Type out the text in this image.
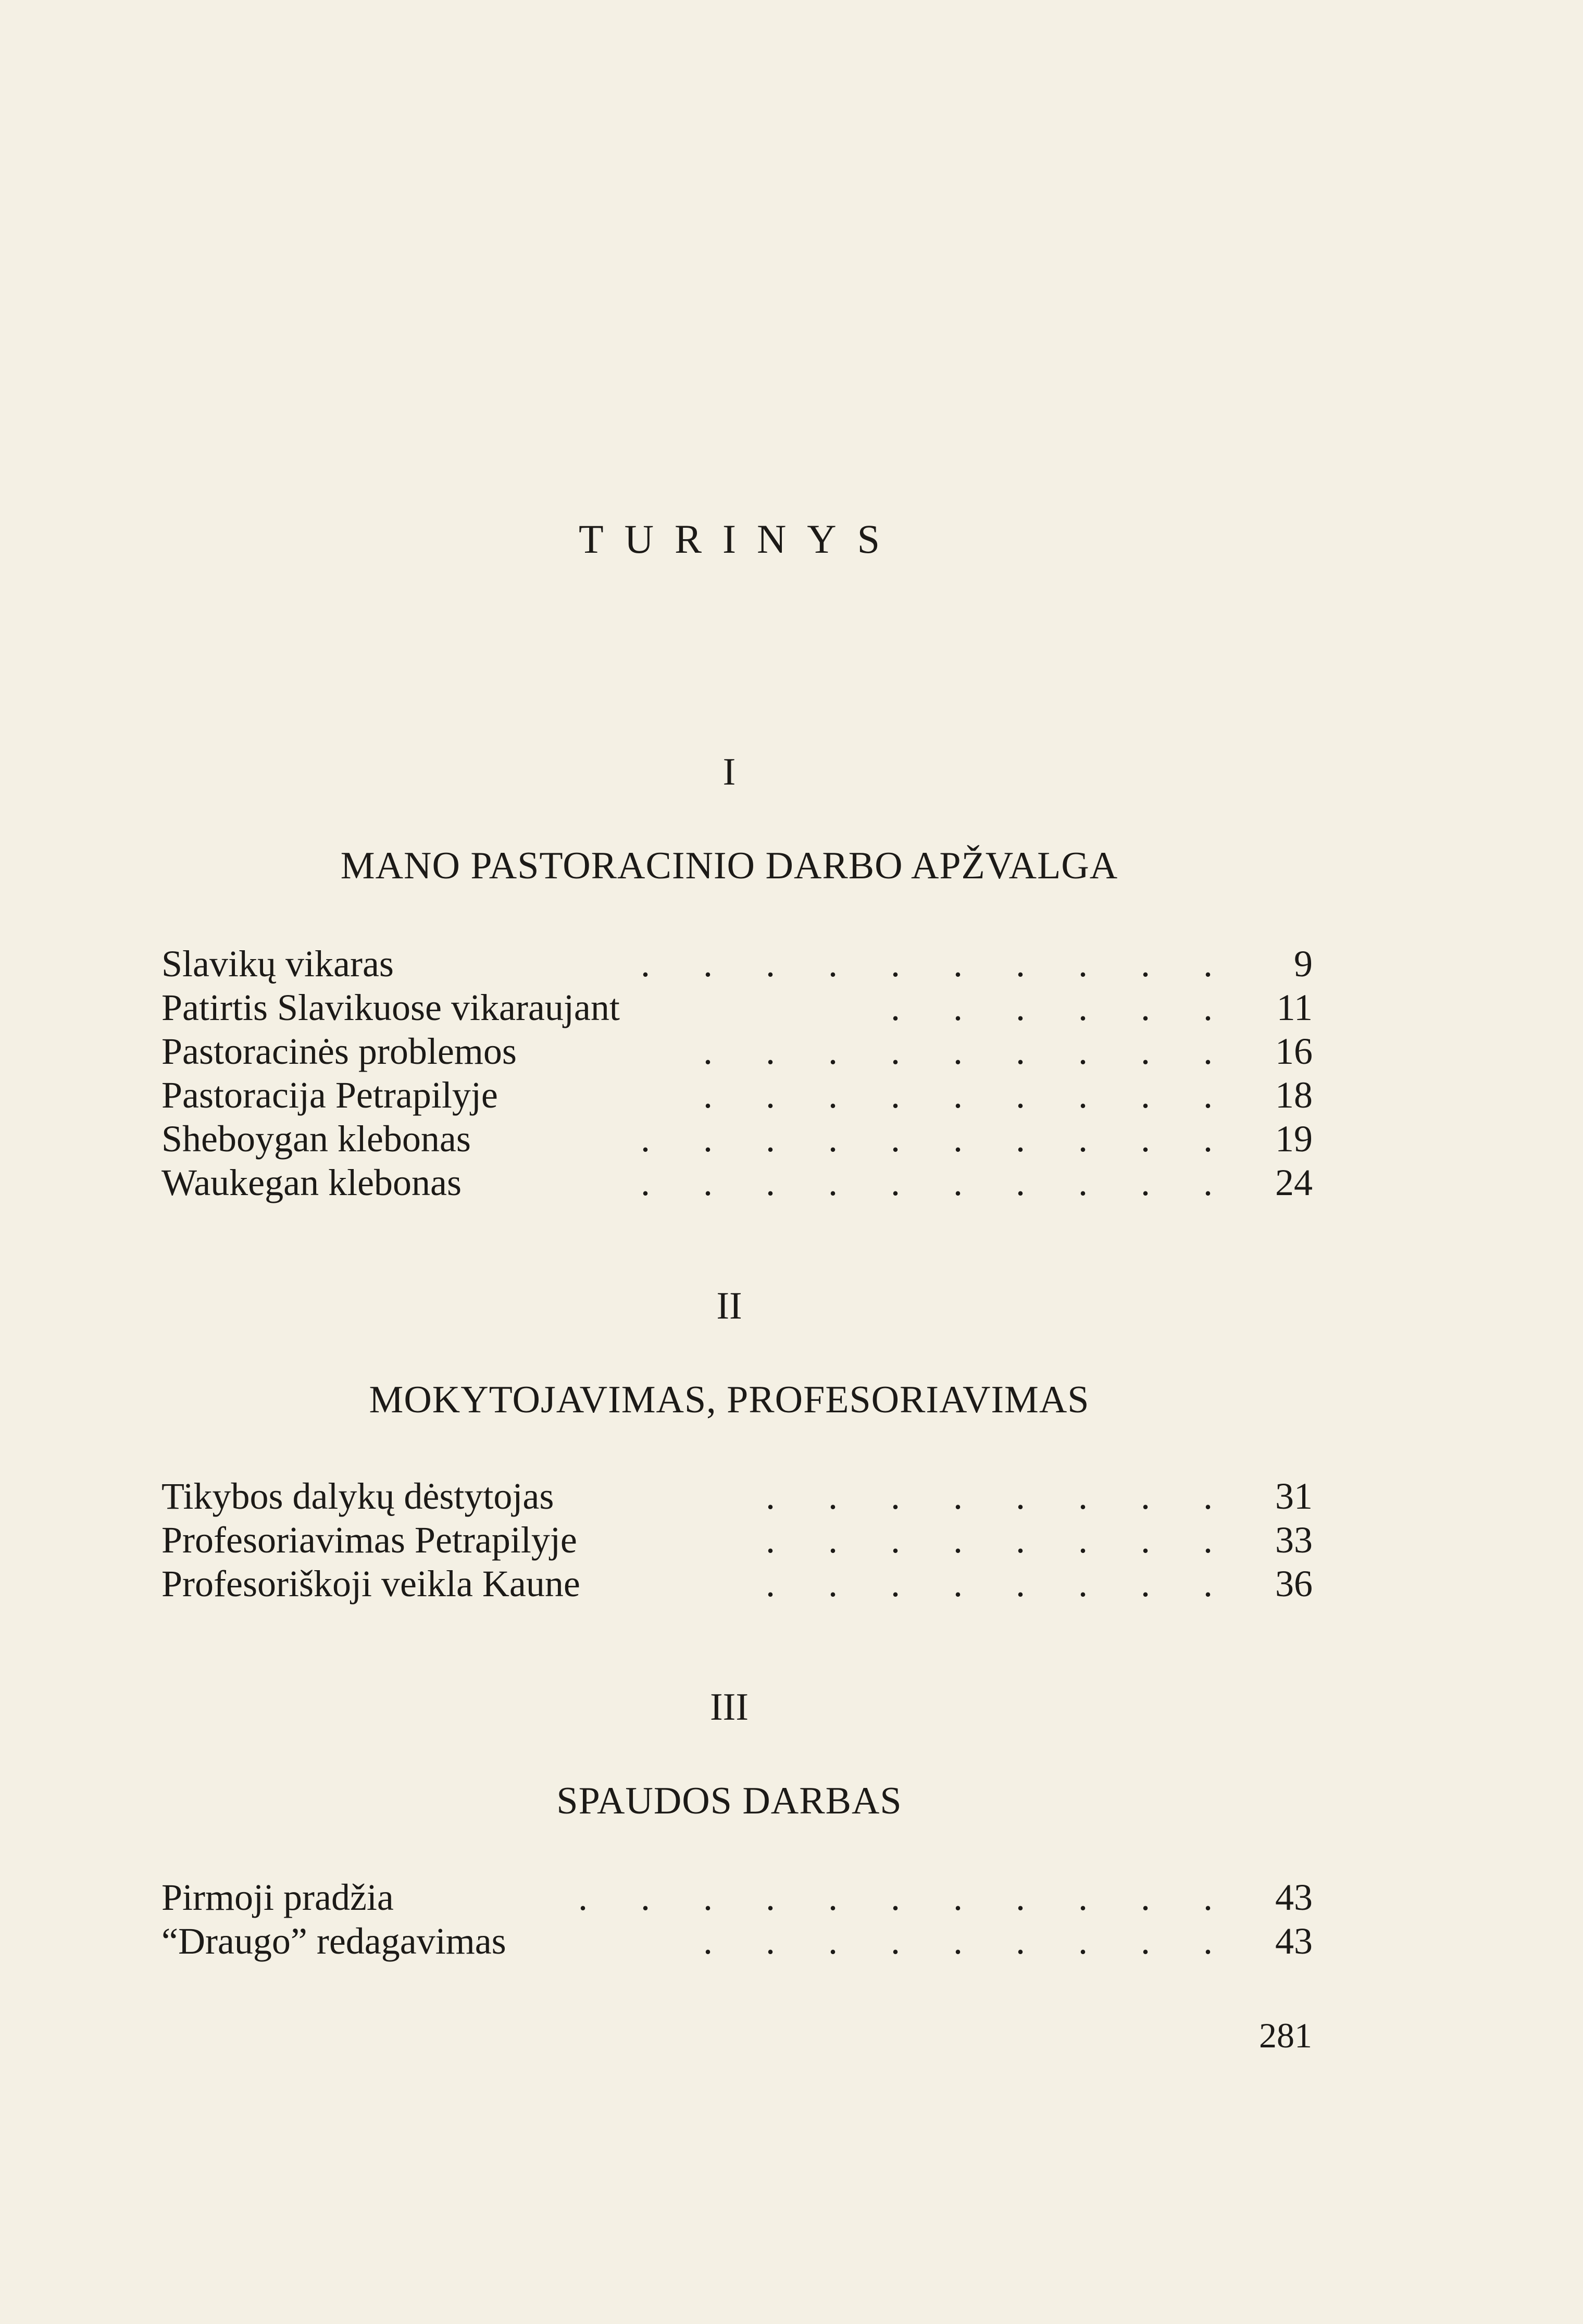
TURINYS
I
MANO PASTORACINIO DARBO APŽVALGA
Slavikų vikaras	. . . . . . . . . .	9
Patirtis Slavikuose vikaraujant	. . . . . .	11
Pastoracinės problemos	. . . . . . . . .	16
Pastoracija Petrapilyje	. . . . . . . . .	18
Sheboygan klebonas	. . . . . . . . . .	19
Waukegan klebonas	. . . . . . . . . .	24
II
MOKYTOJAVIMAS, PROFESORIAVIMAS
Tikybos dalykų dėstytojas	. . . . . . . .	31
Profesoriavimas Petrapilyje	. . . . . . . .	33
Profesoriškoji veikla Kaune	. . . . . . . .	36
III
SPAUDOS DARBAS
Pirmoji pradžia	. . . . . . . . . . .	43
“Draugo” redagavimas	. . . . . . . . .	43
281
